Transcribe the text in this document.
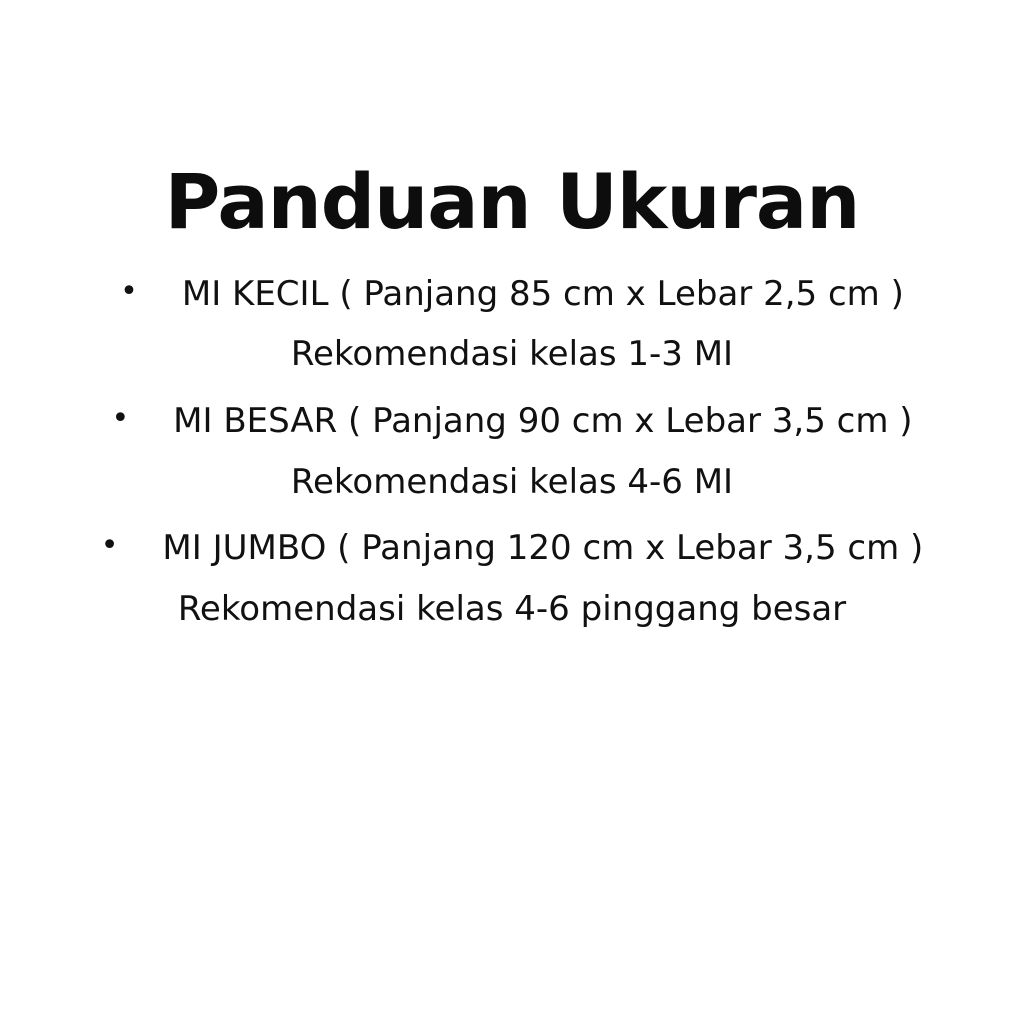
Panduan Ukuran
• MI KECIL ( Panjang 85 cm x Lebar 2,5 cm )
Rekomendasi kelas 1-3 MI
• MI BESAR ( Panjang 90 cm x Lebar 3,5 cm )
Rekomendasi kelas 4-6 MI
• MI JUMBO ( Panjang 120 cm x Lebar 3,5 cm )
Rekomendasi kelas 4-6 pinggang besar
